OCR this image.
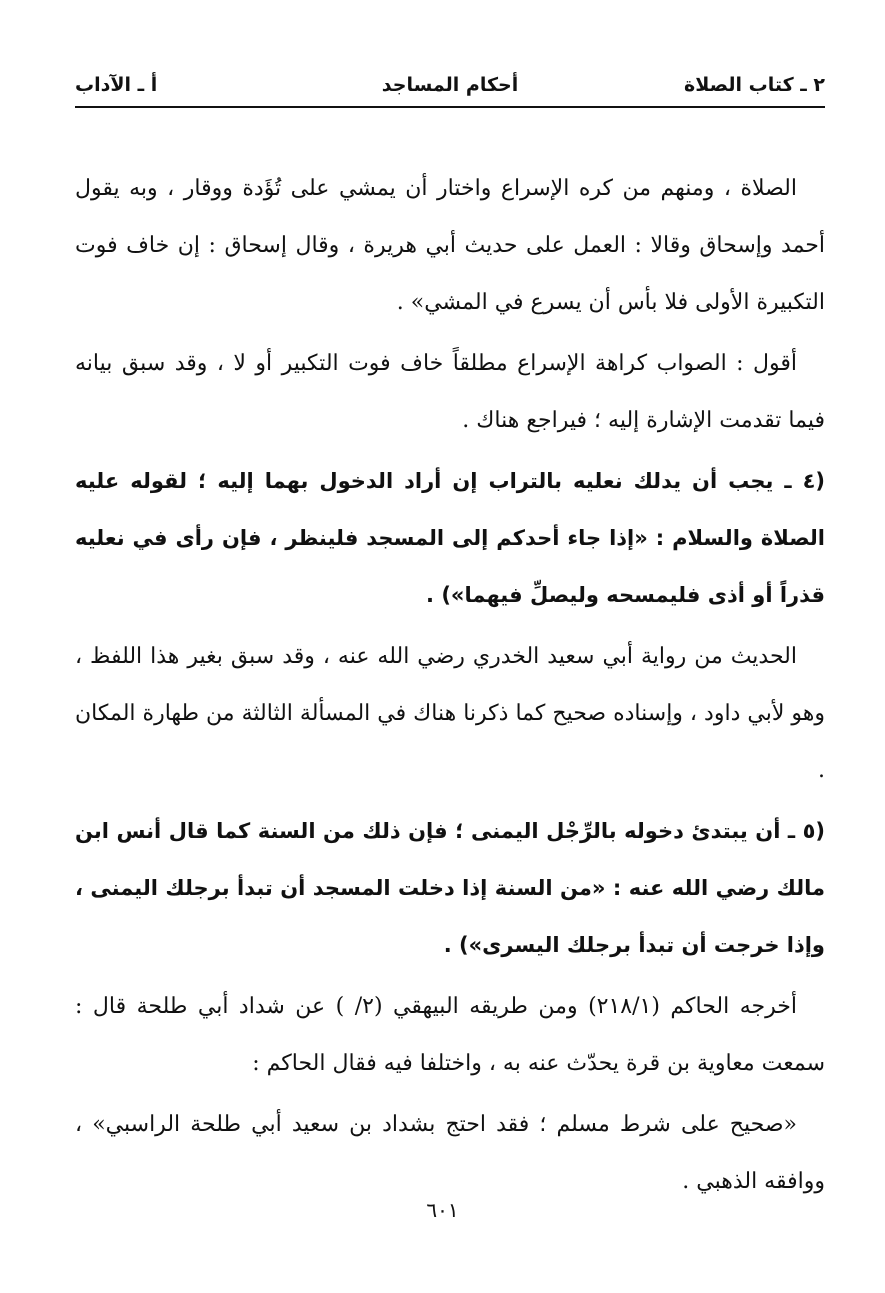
٢ ـ كتاب الصلاة
أحكام المساجد
أ ـ الآداب

الصلاة ، ومنهم من كره الإسراع واختار أن يمشي على تُؤَدة ووقار ، وبه يقول أحمد وإسحاق وقالا : العمل على حديث أبي هريرة ، وقال إسحاق : إن خاف فوت التكبيرة الأولى فلا بأس أن يسرع في المشي» .

أقول : الصواب كراهة الإسراع مطلقاً خاف فوت التكبير أو لا ، وقد سبق بيانه فيما تقدمت الإشارة إليه ؛ فيراجع هناك .

(٤ ـ يجب أن يدلك نعليه بالتراب إن أراد الدخول بهما إليه ؛ لقوله عليه الصلاة والسلام : «إذا جاء أحدكم إلى المسجد فلينظر ، فإن رأى في نعليه قذراً أو أذى فليمسحه وليصلِّ فيهما») .

الحديث من رواية أبي سعيد الخدري رضي الله عنه ، وقد سبق بغير هذا اللفظ ، وهو لأبي داود ، وإسناده صحيح كما ذكرنا هناك في المسألة الثالثة من طهارة المكان .

(٥ ـ أن يبتدئ دخوله بالرِّجْل اليمنى ؛ فإن ذلك من السنة كما قال أنس ابن مالك رضي الله عنه : «من السنة إذا دخلت المسجد أن تبدأ برجلك اليمنى ، وإذا خرجت أن تبدأ برجلك اليسرى») .

أخرجه الحاكم (٢١٨/١) ومن طريقه البيهقي (٢/ ) عن شداد أبي طلحة قال : سمعت معاوية بن قرة يحدّث عنه به ، واختلفا فيه فقال الحاكم :

«صحيح على شرط مسلم ؛ فقد احتج بشداد بن سعيد أبي طلحة الراسبي» ، ووافقه الذهبي .

٦٠١
